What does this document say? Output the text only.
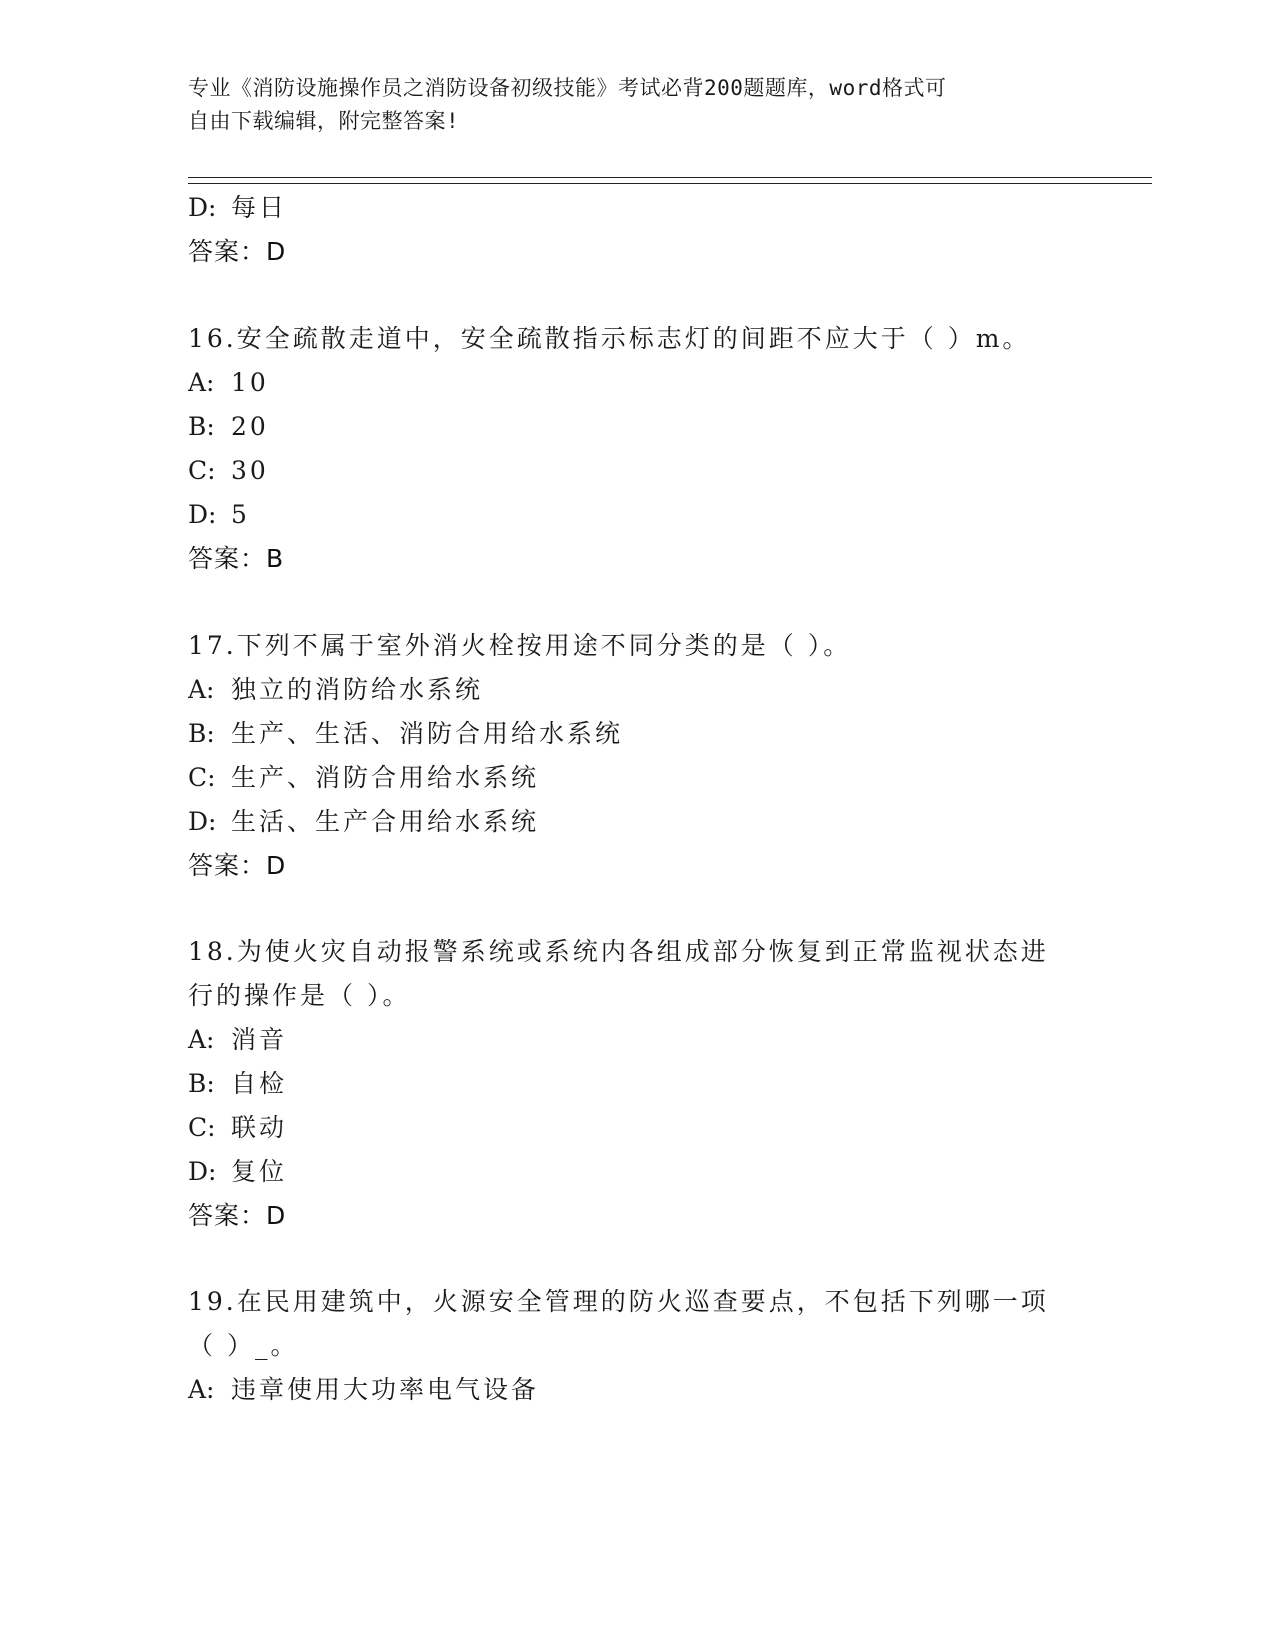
专业《消防设施操作员之消防设备初级技能》考试必背200题题库，word格式可
自由下载编辑，附完整答案!
D: 每日
答案：D
16.安全疏散走道中，安全疏散指示标志灯的间距不应大于（ ）m。
A: 10
B: 20
C: 30
D: 5
答案：B
17.下列不属于室外消火栓按用途不同分类的是（ ）。
A: 独立的消防给水系统
B: 生产、生活、消防合用给水系统
C: 生产、消防合用给水系统
D: 生活、生产合用给水系统
答案：D
18.为使火灾自动报警系统或系统内各组成部分恢复到正常监视状态进
行的操作是（ ）。
A: 消音
B: 自检
C: 联动
D: 复位
答案：D
19.在民用建筑中，火源安全管理的防火巡查要点，不包括下列哪一项
（ ）_。
A: 违章使用大功率电气设备
